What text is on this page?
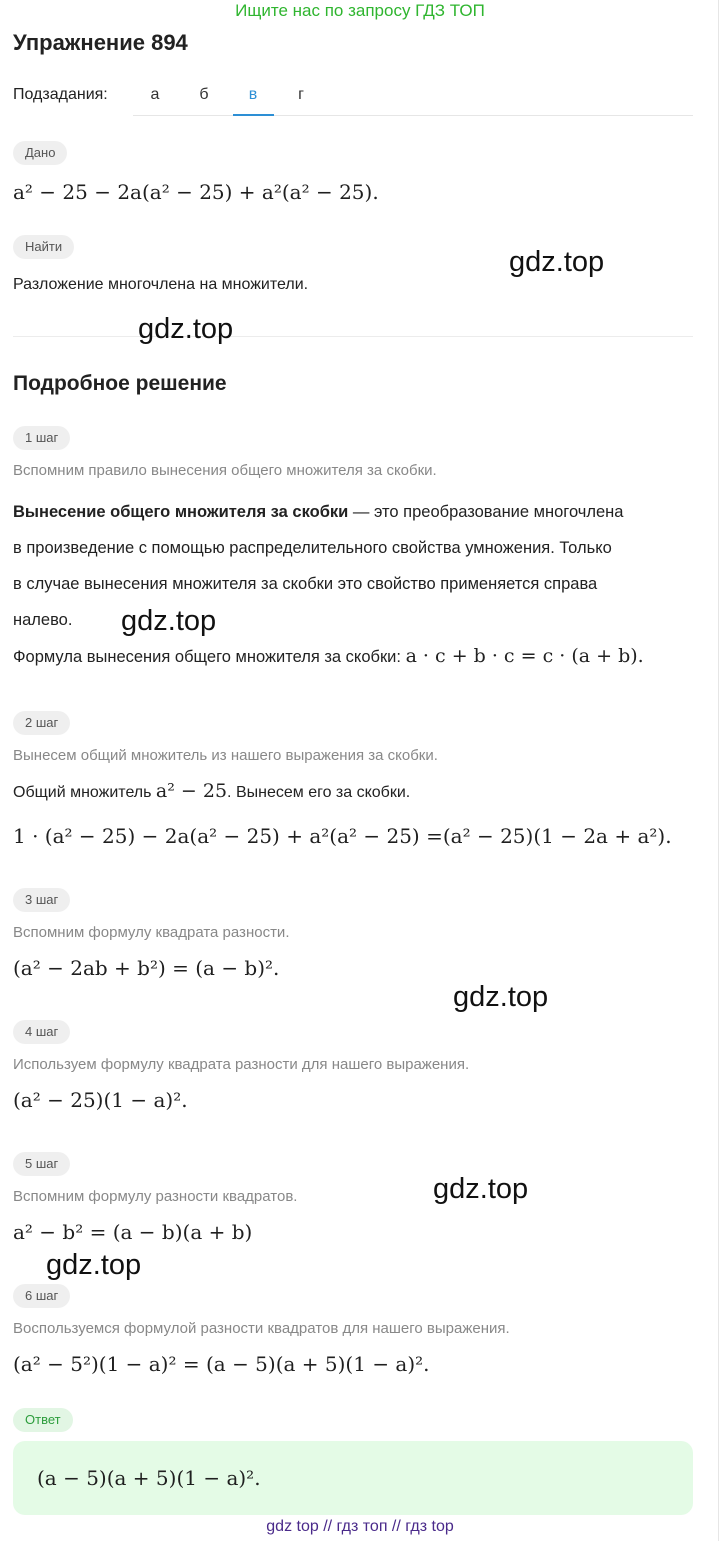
Ищите нас по запросу ГДЗ ТОП
Упражнение 894
Подзадания:	а	б	в	г
Дано
a² − 25 − 2a(a² − 25) + a²(a² − 25).
Найти
Разложение многочлена на множители.
Подробное решение
1 шаг
Вспомним правило вынесения общего множителя за скобки.
Вынесение общего множителя за скобки — это преобразование многочлена
в произведение с помощью распределительного свойства умножения. Только
в случае вынесения множителя за скобки это свойство применяется справа
налево.
Формула вынесения общего множителя за скобки: a · c + b · c = c · (a + b).
2 шаг
Вынесем общий множитель из нашего выражения за скобки.
Общий множитель a² − 25. Вынесем его за скобки.
1 · (a² − 25) − 2a(a² − 25) + a²(a² − 25) =(a² − 25)(1 − 2a + a²).
3 шаг
Вспомним формулу квадрата разности.
(a² − 2ab + b²) = (a − b)².
4 шаг
Используем формулу квадрата разности для нашего выражения.
(a² − 25)(1 − a)².
5 шаг
Вспомним формулу разности квадратов.
a² − b² = (a − b)(a + b)
6 шаг
Воспользуемся формулой разности квадратов для нашего выражения.
(a² − 5²)(1 − a)² = (a − 5)(a + 5)(1 − a)².
Ответ
(a − 5)(a + 5)(1 − a)².
gdz.top
gdz.top
gdz.top
gdz.top
gdz.top
gdz.top
gdz top // гдз топ // гдз top
